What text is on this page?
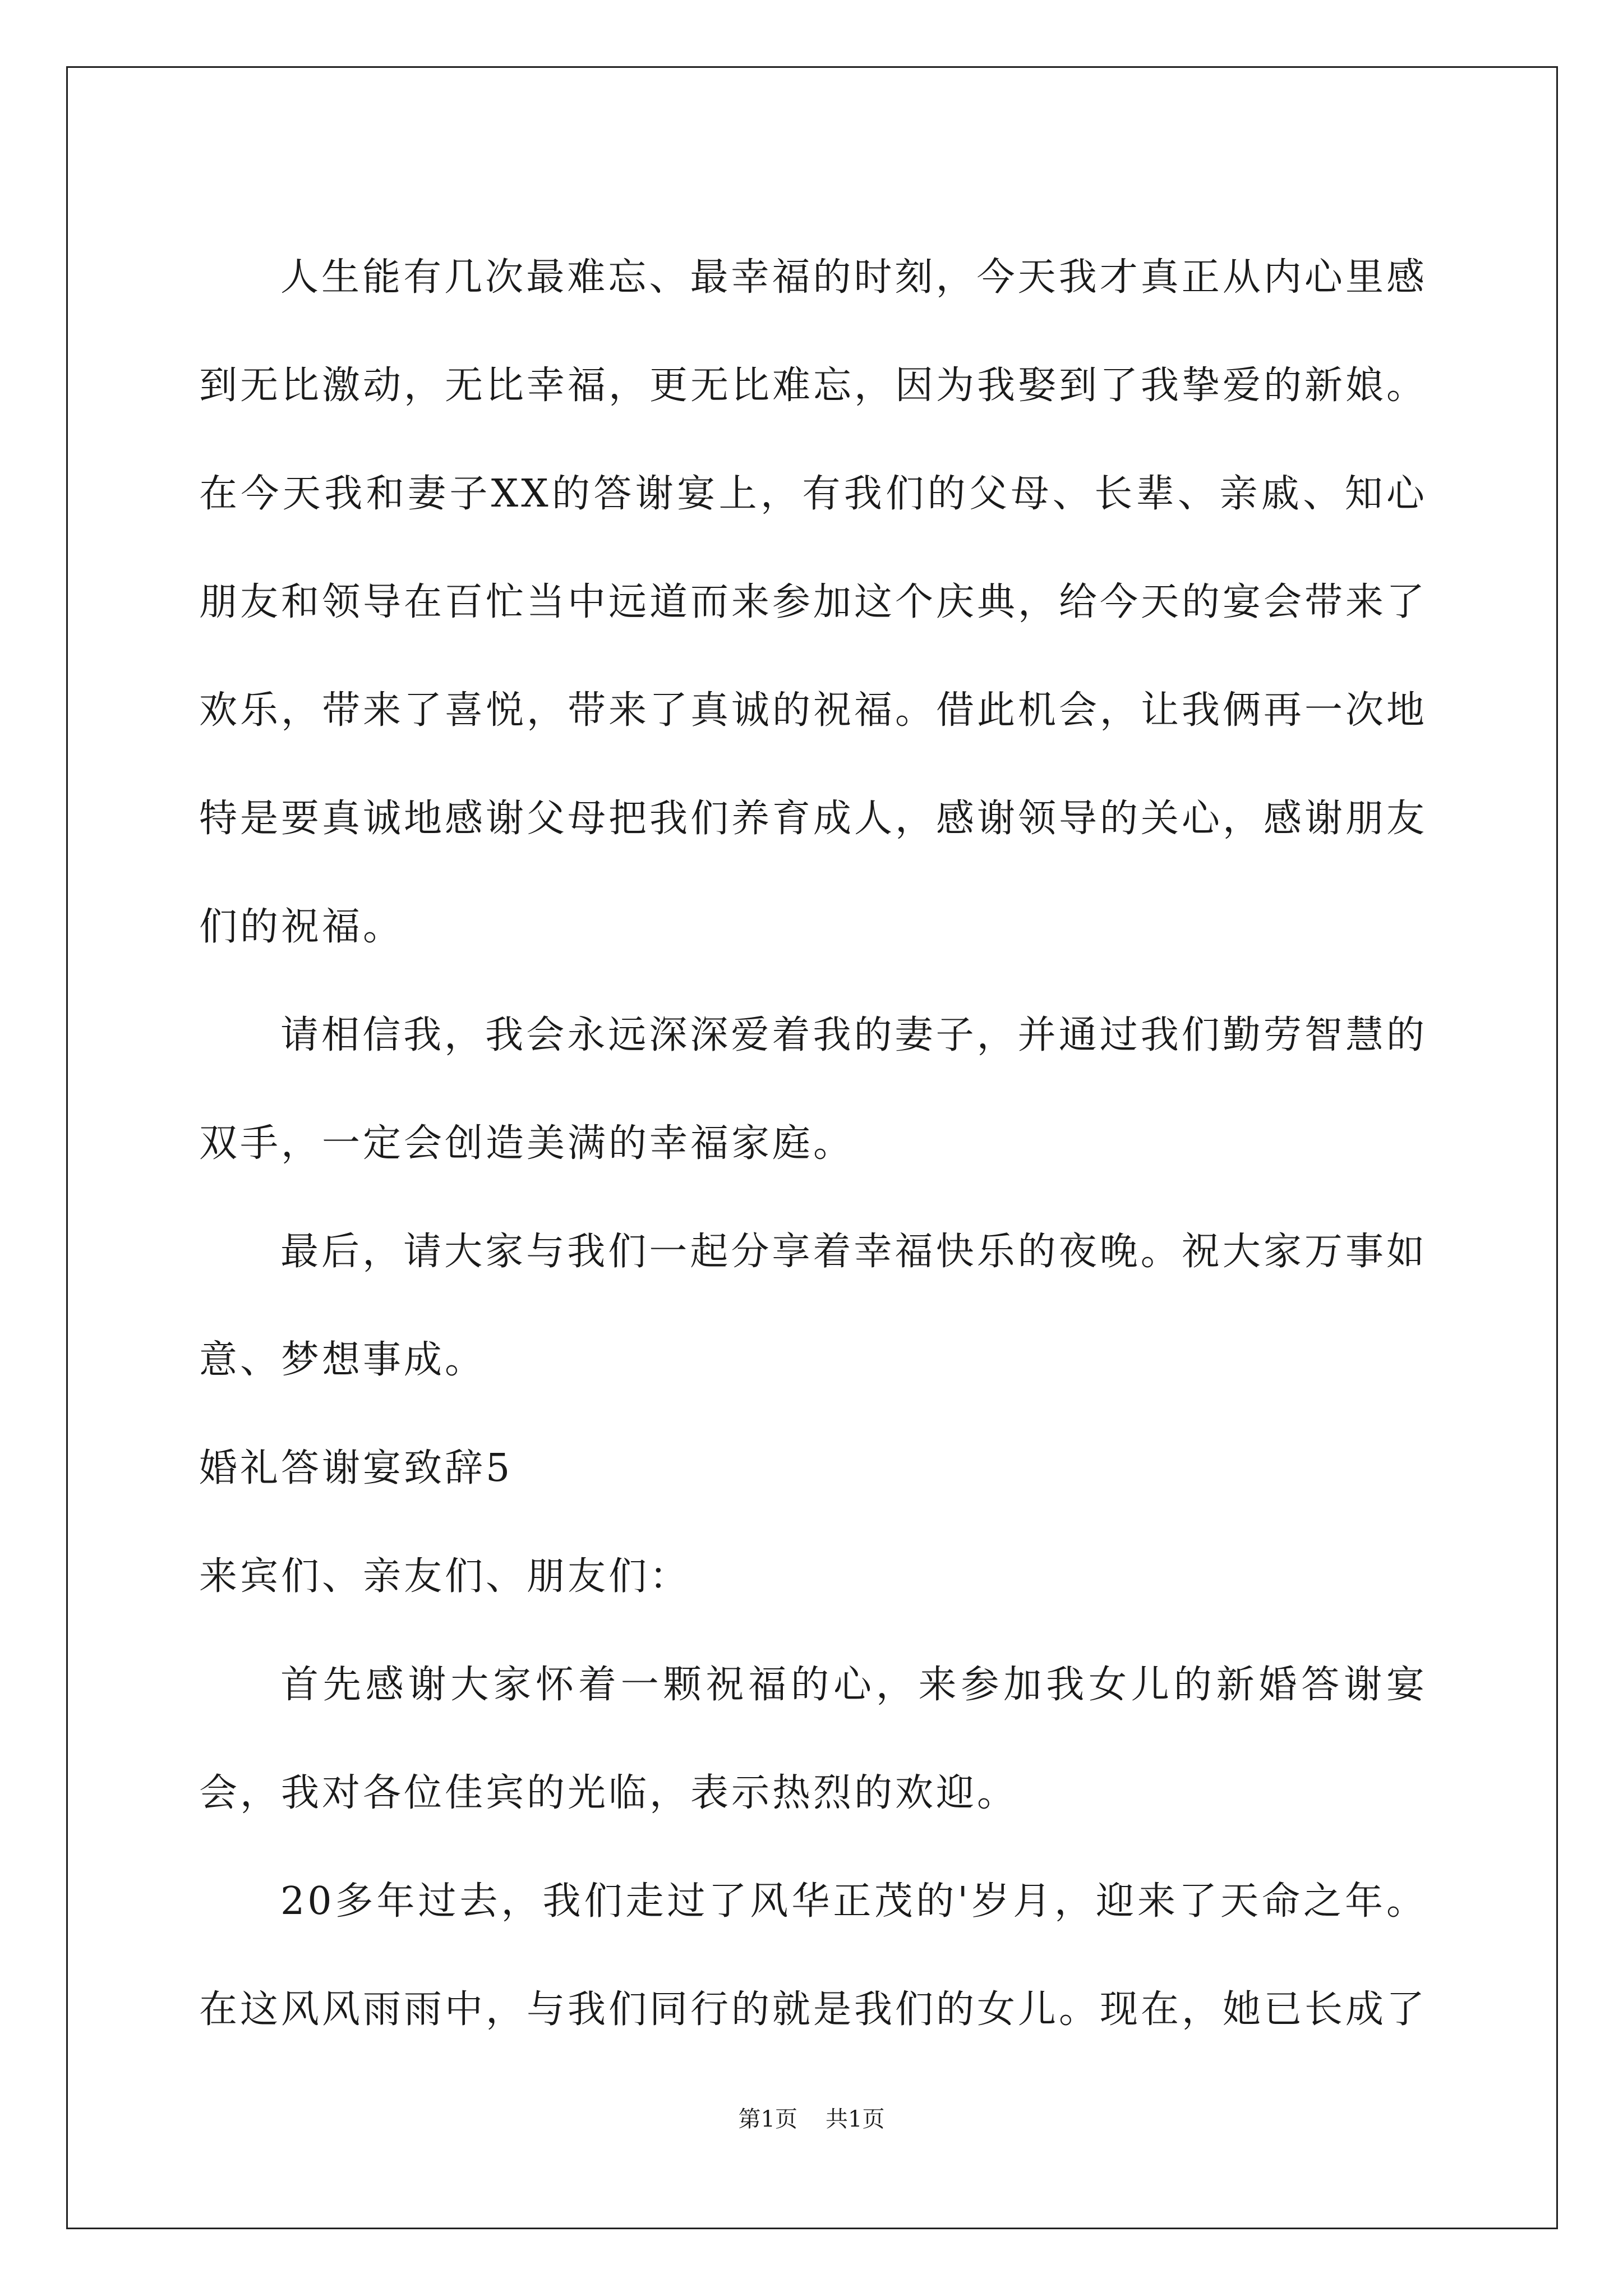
人生能有几次最难忘、最幸福的时刻，今天我才真正从内心里感到无比激动，无比幸福，更无比难忘，因为我娶到了我挚爱的新娘。

在今天我和妻子XX的答谢宴上，有我们的父母、长辈、亲戚、知心朋友和领导在百忙当中远道而来参加这个庆典，给今天的宴会带来了欢乐，带来了喜悦，带来了真诚的祝福。借此机会，让我俩再一次地特是要真诚地感谢父母把我们养育成人，感谢领导的关心，感谢朋友们的祝福。

请相信我，我会永远深深爱着我的妻子，并通过我们勤劳智慧的双手，一定会创造美满的幸福家庭。

最后，请大家与我们一起分享着幸福快乐的夜晚。祝大家万事如意、梦想事成。

婚礼答谢宴致辞5

来宾们、亲友们、朋友们：

首先感谢大家怀着一颗祝福的心，来参加我女儿的新婚答谢宴会，我对各位佳宾的光临，表示热烈的欢迎。

20多年过去，我们走过了风华正茂的'岁月，迎来了天命之年。在这风风雨雨中，与我们同行的就是我们的女儿。现在，她已长成了

第1页 共1页
